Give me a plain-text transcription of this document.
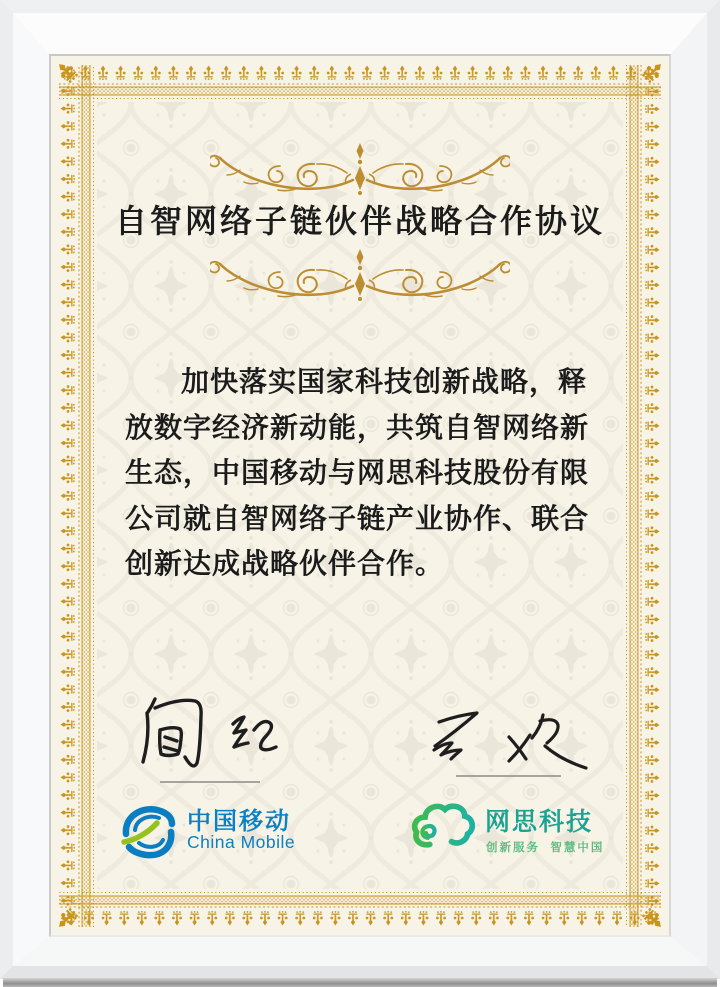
自智网络子链伙伴战略合作协议
加快落实国家科技创新战略，释
放数字经济新动能，共筑自智网络新
生态，中国移动与网思科技股份有限
公司就自智网络子链产业协作、联合
创新达成战略伙伴合作。
中国移动
China Mobile
网思科技
创新服务  智慧中国
